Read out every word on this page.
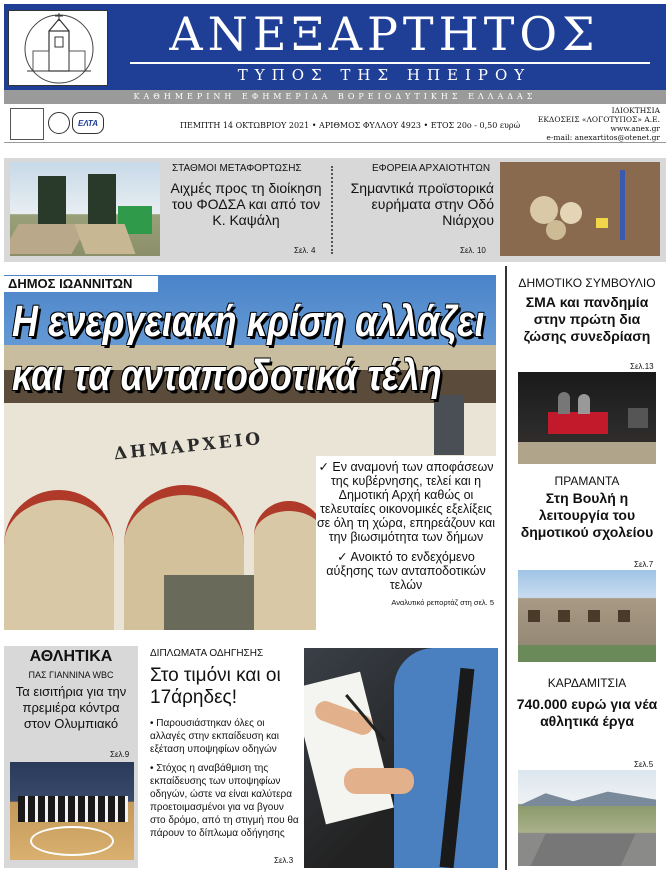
ΑΝΕΞΑΡΤΗΤΟΣ
ΤΥΠΟΣ ΤΗΣ ΗΠΕΙΡΟΥ
ΚΑΘΗΜΕΡΙΝΗ ΕΦΗΜΕΡΙΔΑ ΒΟΡΕΙΟΔΥΤΙΚΗΣ ΕΛΛΑΔΑΣ
ΕΛΤΑ	ΠΕΜΠΤΗ 14 ΟΚΤΩΒΡΙΟΥ 2021 • ΑΡΙΘΜΟΣ ΦΥΛΛΟΥ 4923 • ΕΤΟΣ 20ο - 0,50 ευρώ
ΙΔΙΟΚΤΗΣΙΑ
ΕΚΔΟΣΕΙΣ «ΛΟΓΟΤΥΠΟΣ» Α.Ε.
www.anex.gr
e-mail: anexartitos@otenet.gr
ΣΤΑΘΜΟΙ ΜΕΤΑΦΟΡΤΩΣΗΣ
Αιχμές προς τη διοίκηση του ΦΟΔΣΑ και από τον Κ. Καψάλη
Σελ. 4
ΕΦΟΡΕΙΑ ΑΡΧΑΙΟΤΗΤΩΝ
Σημαντικά προϊστορικά ευρήματα στην Οδό Νιάρχου
Σελ. 10
ΔΗΜΑΡΧΕΙΟ
ΔΗΜΟΣ ΙΩΑΝΝΙΤΩΝ
Η ενεργειακή κρίση αλλάζει
και τα ανταποδοτικά τέλη
✓ Εν αναμονή των αποφάσεων της κυβέρνησης, τελεί και η Δημοτική Αρχή καθώς οι τελευταίες οικονομικές εξελίξεις σε όλη τη χώρα, επηρεάζουν και την βιωσιμότητα των δήμων
✓ Ανοικτό το ενδεχόμενο αύξησης των ανταποδοτικών τελών
Αναλυτικό ρεπορτάζ στη σελ. 5
ΔΗΜΟΤΙΚΟ ΣΥΜΒΟΥΛΙΟ
ΣΜΑ και πανδημία στην πρώτη δια ζώσης συνεδρίαση
Σελ.13
ΠΡΑΜΑΝΤΑ
Στη Βουλή η λειτουργία του δημοτικού σχολείου
Σελ.7
ΚΑΡΔΑΜΙΤΣΙΑ
740.000 ευρώ για νέα αθλητικά έργα
Σελ.5
ΑΘΛΗΤΙΚΑ
ΠΑΣ ΓΙΑΝΝΙΝΑ WBC
Τα εισιτήρια για την πρεμιέρα κόντρα στον Ολυμπιακό
Σελ.9
ΔΙΠΛΩΜΑΤΑ ΟΔΗΓΗΣΗΣ
Στο τιμόνι και οι 17άρηδες!
• Παρουσιάστηκαν όλες οι αλλαγές στην εκπαίδευση και εξέταση υποψηφίων οδηγών
• Στόχος η αναβάθμιση της εκπαίδευσης των υποψηφίων οδηγών, ώστε να είναι καλύτερα προετοιμασμένοι για να βγουν στο δρόμο, από τη στιγμή που θα πάρουν το δίπλωμα οδήγησης
Σελ.3
